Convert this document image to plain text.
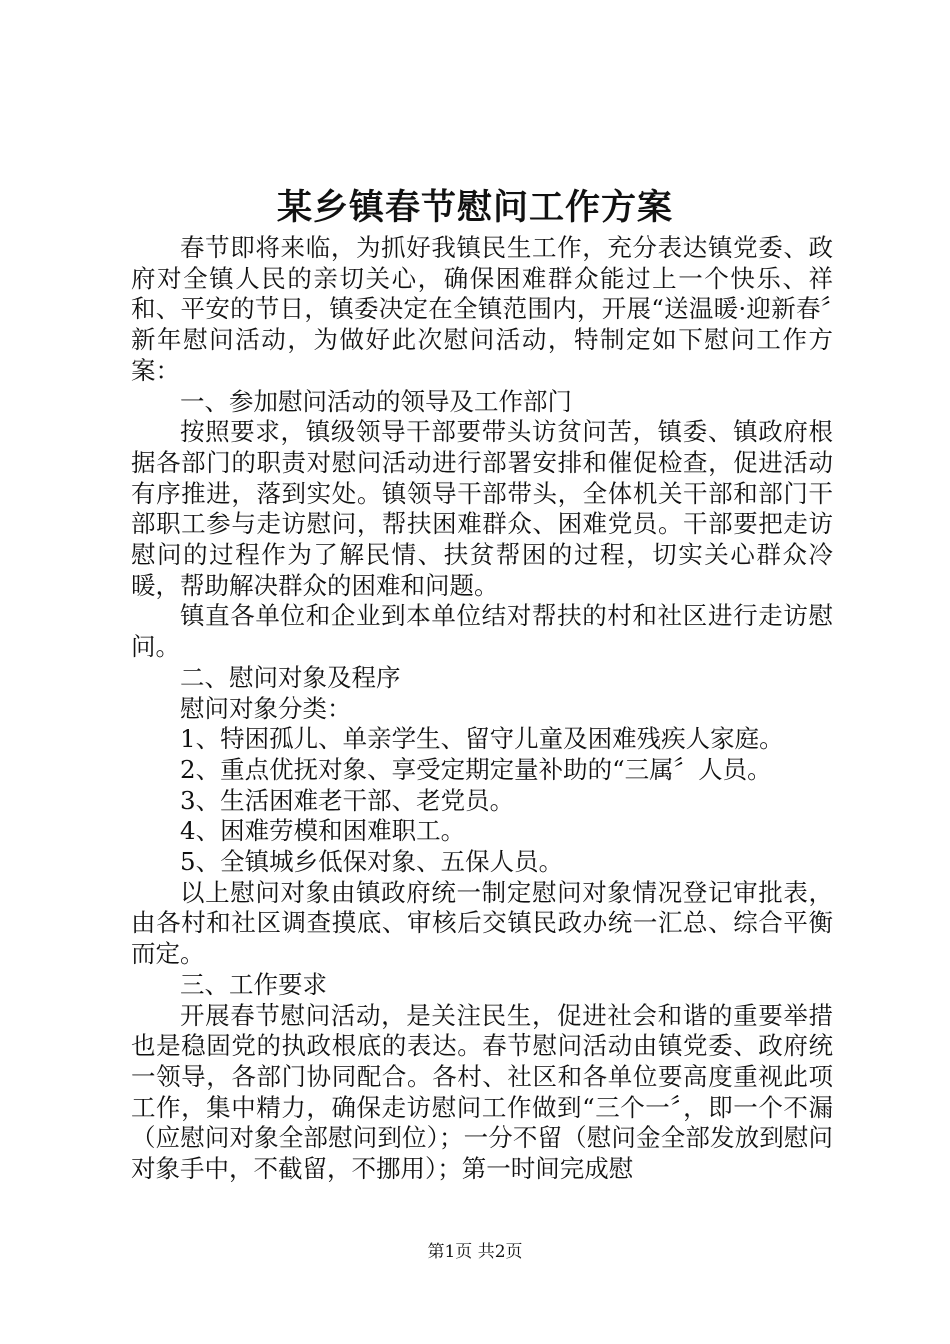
某乡镇春节慰问工作方案

春节即将来临，为抓好我镇民生工作，充分表达镇党委、政府对全镇人民的亲切关心，确保困难群众能过上一个快乐、祥和、平安的节日，镇委决定在全镇范围内，开展“送温暖·迎新春〞新年慰问活动，为做好此次慰问活动，特制定如下慰问工作方案：

一、参加慰问活动的领导及工作部门

按照要求，镇级领导干部要带头访贫问苦，镇委、镇政府根据各部门的职责对慰问活动进行部署安排和催促检查，促进活动有序推进，落到实处。镇领导干部带头，全体机关干部和部门干部职工参与走访慰问，帮扶困难群众、困难党员。干部要把走访慰问的过程作为了解民情、扶贫帮困的过程，切实关心群众冷暖，帮助解决群众的困难和问题。

镇直各单位和企业到本单位结对帮扶的村和社区进行走访慰问。

二、慰问对象及程序

慰问对象分类：

1、特困孤儿、单亲学生、留守儿童及困难残疾人家庭。

2、重点优抚对象、享受定期定量补助的“三属〞人员。

3、生活困难老干部、老党员。

4、困难劳模和困难职工。

5、全镇城乡低保对象、五保人员。

以上慰问对象由镇政府统一制定慰问对象情况登记审批表，由各村和社区调查摸底、审核后交镇民政办统一汇总、综合平衡而定。

三、工作要求

开展春节慰问活动，是关注民生，促进社会和谐的重要举措也是稳固党的执政根底的表达。春节慰问活动由镇党委、政府统一领导，各部门协同配合。各村、社区和各单位要高度重视此项工作，集中精力，确保走访慰问工作做到“三个一〞，即一个不漏（应慰问对象全部慰问到位）；一分不留（慰问金全部发放到慰问对象手中，不截留，不挪用）；第一时间完成慰

第1页 共2页
